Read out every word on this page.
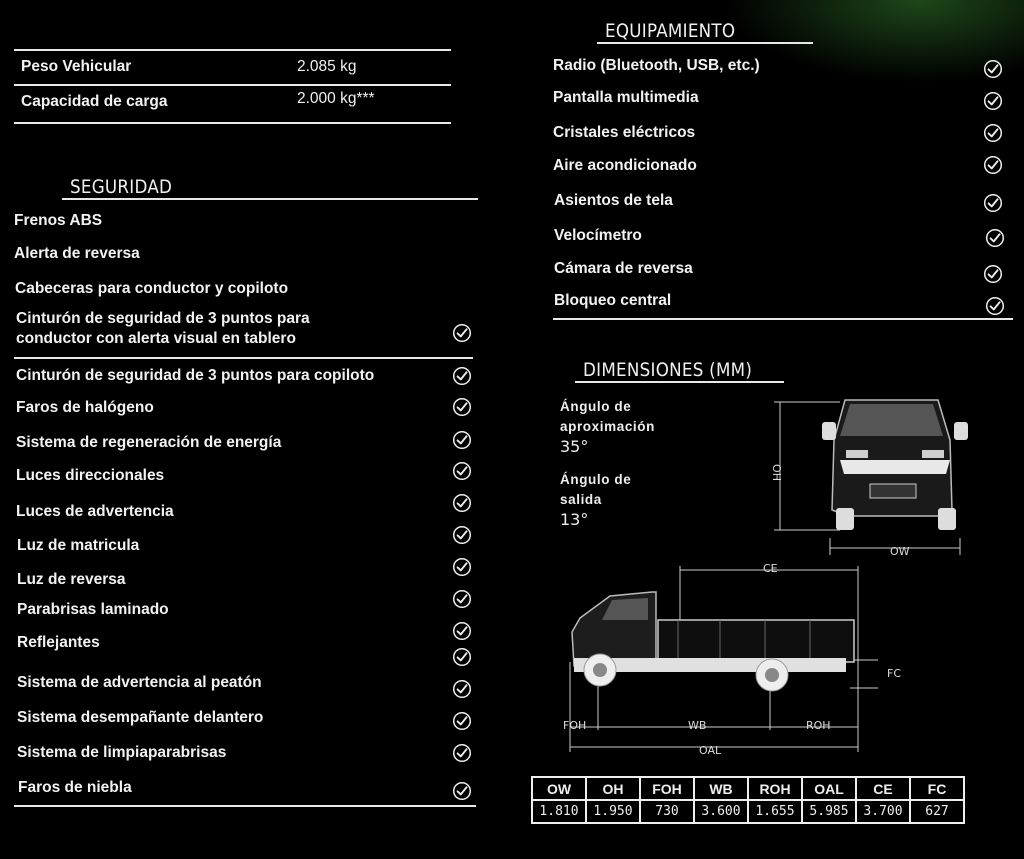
Peso Vehicular	2.085 kg
Capacidad de carga	2.000 kg***
SEGURIDAD
Frenos ABS
Alerta de reversa
Cabeceras para conductor y copiloto
Cinturón de seguridad de 3 puntos para
conductor con alerta visual en tablero
Cinturón de seguridad de 3 puntos para copiloto
Faros de halógeno
Sistema de regeneración de energía
Luces direccionales
Luces de advertencia
Luz de matricula
Luz de reversa
Parabrisas laminado
Reflejantes
Sistema de advertencia al peatón
Sistema desempañante delantero
Sistema de limpiaparabrisas
Faros de niebla
EQUIPAMIENTO
Radio (Bluetooth, USB, etc.)
Pantalla multimedia
Cristales eléctricos
Aire acondicionado
Asientos de tela
Velocímetro
Cámara de reversa
Bloqueo central
DIMENSIONES (MM)
Ángulo de
aproximación
35°
Ángulo de
salida
13°
OH
OW
CE
FC
FOH	WB	ROH
OAL
OW	OH	FOH	WB	ROH	OAL	CE	FC
1.810	1.950	730	3.600	1.655	5.985	3.700	627
